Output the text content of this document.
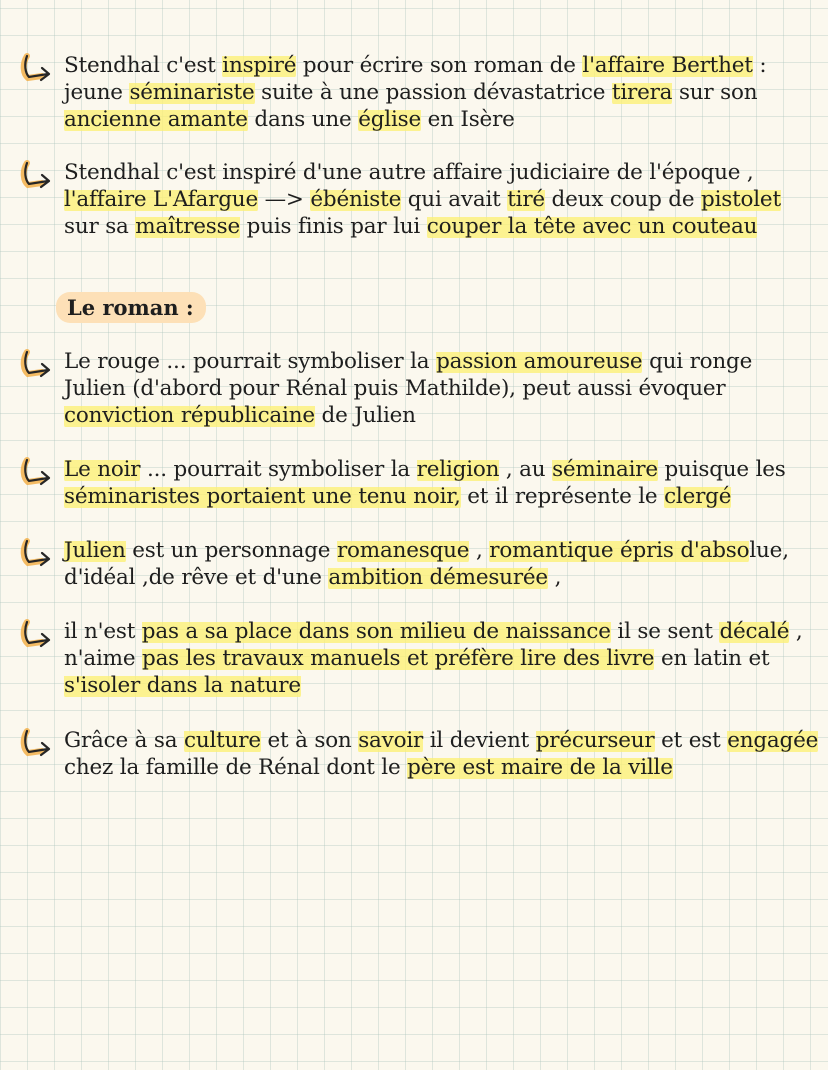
Stendhal c'est inspiré pour écrire son roman de l'affaire Berthet :
jeune séminariste suite à une passion dévastatrice tirera sur son
ancienne amante dans une église en Isère
Stendhal c'est inspiré d'une autre affaire judiciaire de l'époque ,
l'affaire L'Afargue —> ébéniste qui avait tiré deux coup de pistolet
sur sa maîtresse puis finis par lui couper la tête avec un couteau
Le roman :
Le rouge ... pourrait symboliser la passion amoureuse qui ronge
Julien (d'abord pour Rénal puis Mathilde), peut aussi évoquer
conviction républicaine de Julien
Le noir ... pourrait symboliser la religion , au séminaire puisque les
séminaristes portaient une tenu noir, et il représente le clergé
Julien est un personnage romanesque , romantique épris d'absolue,
d'idéal ,de rêve et d'une ambition démesurée ,
il n'est pas a sa place dans son milieu de naissance il se sent décalé ,
n'aime pas les travaux manuels et préfère lire des livre en latin et
s'isoler dans la nature
Grâce à sa culture et à son savoir il devient précurseur et est engagée
chez la famille de Rénal dont le père est maire de la ville
